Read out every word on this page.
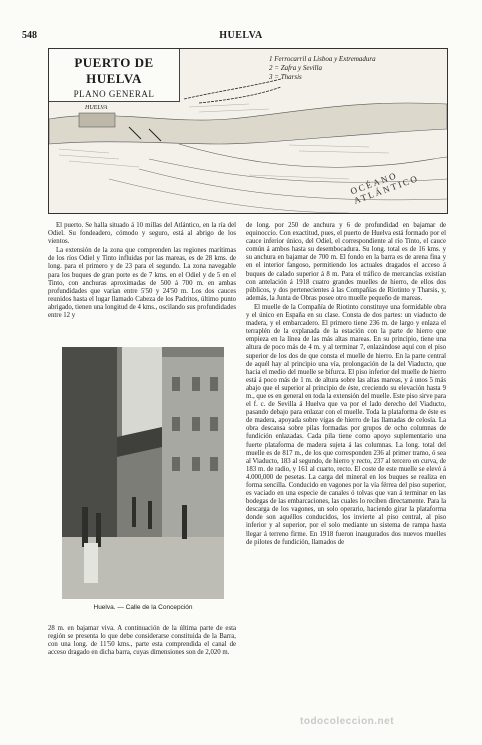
548	HUELVA
PUERTO DE HUELVA
PLANO GENERAL
1 Ferrocarril a Lisboa y Extremadura
2 = Zafra y Sevilla
3 = Tharsis
HUELVA
OCÉANO ATLÁNTICO

El puerto. Se halla situado á 10 millas del Atlántico, en la ría del Odiel. Su fondeadero, cómodo y seguro, está al abrigo de los vientos.

La extensión de la zona que comprenden las regiones marítimas de los ríos Odiel y Tinto influidas por las mareas, es de 28 kms. de long. para el primero y de 23 para el segundo. La zona navegable para los buques de gran porte es de 7 kms. en el Odiel y de 5 en el Tinto, con anchuras aproximadas de 500 á 700 m. en ambas profundidades que varían entre 5'50 y 24'50 m. Los dos cauces reunidos hasta el lugar llamado Cabeza de los Padritos, último punto abrigado, tienen una longitud de 4 kms., oscilando sus profundidades entre 12 y

Huelva. — Calle de la Concepción

28 m. en bajamar viva. A continuación de la última parte de esta región se presenta lo que debe considerarse constituida de la Barra, con una long. de 11'50 kms., parte esta comprendida el canal de acceso dragado en dicha barra, cuyas dimensiones son de 2,020 m.

de long. por 250 de anchura y 6 de profundidad en bajamar de equinoccio. Con exactitud, pues, el puerto de Huelva está formado por el cauce inferior único, del Odiel, el correspondiente al río Tinto, el cauce común á ambos hasta su desembocadura. Su long. total es de 16 kms. y su anchura en bajamar de 700 m. El fondo en la barra es de arena fina y en el interior fangoso, permitiendo los actuales dragados el acceso á buques de calado superior á 8 m. Para el tráfico de mercancías existían con antelación á 1918 cuatro grandes muelles de hierro, de ellos dos públicos, y dos pertenecientes á las Compañías de Riotinto y Tharsis, y, además, la Junta de Obras posee otro muelle pequeño de mareas.

El muelle de la Compañía de Riotinto constituye una formidable obra y el único en España en su clase. Consta de dos partes: un viaducto de madera, y el embarcadero. El primero tiene 236 m. de largo y enlaza el terraplén de la explanada de la estación con la parte de hierro que empieza en la línea de las más altas mareas. En su principio, tiene una altura de poco más de 4 m. y al terminar 7, enlazándose aquí con el piso superior de los dos de que consta el muelle de hierro. En la parte central de aquél hay al principio una vía, prolongación de la del Viaducto, que hacia el medio del muelle se bifurca. El piso inferior del muelle de hierro está á poco más de 1 m. de altura sobre las altas mareas, y á unos 5 más abajo que el superior al principio de éste, creciendo su elevación hasta 9 m., que es en general en toda la extensión del muelle. Este piso sirve para el f. c. de Sevilla á Huelva que va por el lado derecho del Viaducto, pasando debajo para enlazar con el muelle. Toda la plataforma de éste es de madera, apoyada sobre vigas de hierro de las llamadas de celosía. La obra descansa sobre pilas formadas por grupos de ocho columnas de fundición enlazadas. Cada pila tiene como apoyo suplementario una fuerte plataforma de madera sujeta á las columnas. La long. total del muelle es de 817 m., de los que corresponden 236 al primer tramo, ó sea al Viaducto, 183 al segundo, de hierro y recto, 237 al tercero en curva, de 183 m. de radio, y 161 al cuarto, recto. El coste de este muelle se elevó á 4.000,000 de pesetas. La carga del mineral en los buques se realiza en forma sencilla. Conducido en vagones por la vía férrea del piso superior, es vaciado en una especie de canales ó tolvas que van á terminar en las bodegas de las embarcaciones, las cuales lo reciben directamente. Para la descarga de los vagones, un solo operario, haciendo girar la plataforma donde son aquéllos conducidos, los invierte al piso central, al piso inferior y al superior, por el solo mediante un sistema de rampa hasta llegar á terreno firme. En 1918 fueron inaugurados dos nuevos muelles de pilotes de fundición, llamados de

todocoleccion.net
